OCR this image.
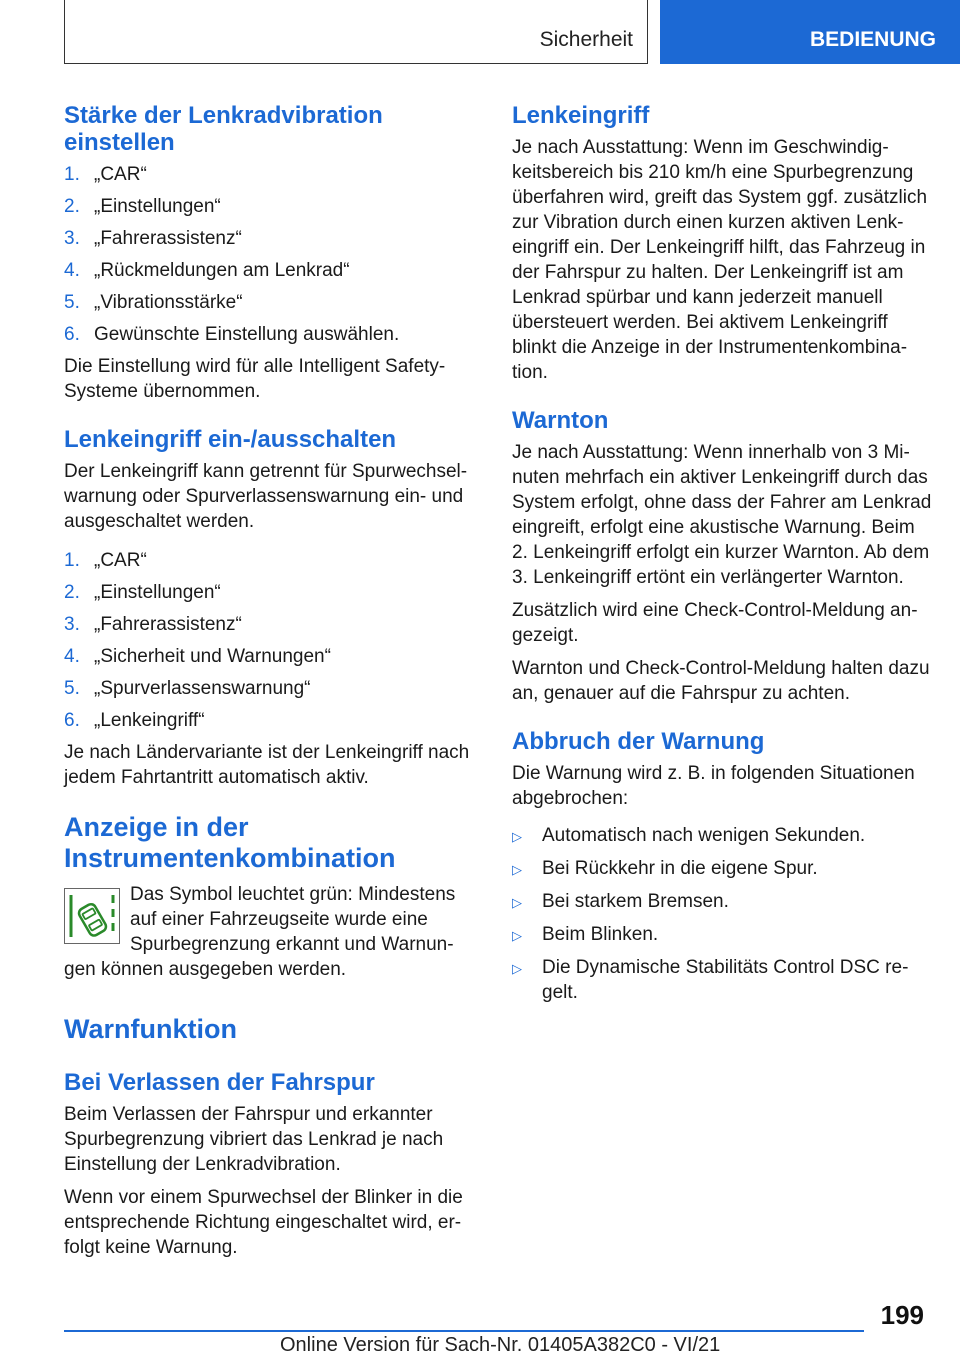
Sicherheit	BEDIENUNG
Stärke der Lenkradvibration einstellen
1. „CAR“
2. „Einstellungen“
3. „Fahrerassistenz“
4. „Rückmeldungen am Lenkrad“
5. „Vibrationsstärke“
6. Gewünschte Einstellung auswählen.

Die Einstellung wird für alle Intelligent Safety-Systeme übernommen.

Lenkeingriff ein-/ausschalten

Der Lenkeingriff kann getrennt für Spurwechselwarnung oder Spurverlassenswarnung ein- und ausgeschaltet werden.

1. „CAR“
2. „Einstellungen“
3. „Fahrerassistenz“
4. „Sicherheit und Warnungen“
5. „Spurverlassenswarnung“
6. „Lenkeingriff“

Je nach Ländervariante ist der Lenkeingriff nach jedem Fahrtantritt automatisch aktiv.

Anzeige in der Instrumentenkombination

Das Symbol leuchtet grün: Mindestens auf einer Fahrzeugseite wurde eine Spurbegrenzung erkannt und Warnungen können ausgegeben werden.

Warnfunktion
Bei Verlassen der Fahrspur

Beim Verlassen der Fahrspur und erkannter Spurbegrenzung vibriert das Lenkrad je nach Einstellung der Lenkradvibration.

Wenn vor einem Spurwechsel der Blinker in die entsprechende Richtung eingeschaltet wird, erfolgt keine Warnung.

Lenkeingriff

Je nach Ausstattung: Wenn im Geschwindigkeitsbereich bis 210 km/h eine Spurbegrenzung überfahren wird, greift das System ggf. zusätzlich zur Vibration durch einen kurzen aktiven Lenkeingriff ein. Der Lenkeingriff hilft, das Fahrzeug in der Fahrspur zu halten. Der Lenkeingriff ist am Lenkrad spürbar und kann jederzeit manuell übersteuert werden. Bei aktivem Lenkeingriff blinkt die Anzeige in der Instrumentenkombination.

Warnton

Je nach Ausstattung: Wenn innerhalb von 3 Minuten mehrfach ein aktiver Lenkeingriff durch das System erfolgt, ohne dass der Fahrer am Lenkrad eingreift, erfolgt eine akustische Warnung. Beim 2. Lenkeingriff erfolgt ein kurzer Warnton. Ab dem 3. Lenkeingriff ertönt ein verlängerter Warnton.

Zusätzlich wird eine Check-Control-Meldung angezeigt.

Warnton und Check-Control-Meldung halten dazu an, genauer auf die Fahrspur zu achten.

Abbruch der Warnung

Die Warnung wird z. B. in folgenden Situationen abgebrochen:

▷	Automatisch nach wenigen Sekunden.
▷	Bei Rückkehr in die eigene Spur.
▷	Bei starkem Bremsen.
▷	Beim Blinken.
▷	Die Dynamische Stabilitäts Control DSC regelt.
199
Online Version für Sach-Nr. 01405A382C0 - VI/21
